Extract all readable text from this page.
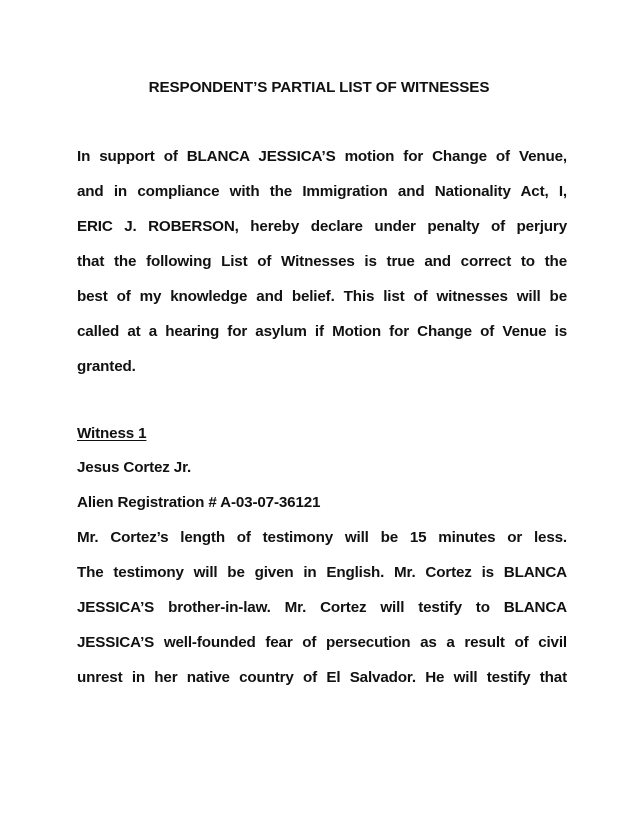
RESPONDENT’S PARTIAL LIST OF WITNESSES
In support of BLANCA JESSICA’S motion for Change of Venue,
and in compliance with the Immigration and Nationality Act, I,
ERIC J. ROBERSON, hereby declare under penalty of perjury
that the following List of Witnesses is true and correct to the
best of my knowledge and belief. This list of witnesses will be
called at a hearing for asylum if Motion for Change of Venue is
granted.
Witness 1
Jesus Cortez Jr.
Alien Registration # A-03-07-36121
Mr. Cortez’s length of testimony will be 15 minutes or less.
The testimony will be given in English. Mr. Cortez is BLANCA
JESSICA’S brother-in-law. Mr. Cortez will testify to BLANCA
JESSICA’S well-founded fear of persecution as a result of civil
unrest in her native country of El Salvador. He will testify that
